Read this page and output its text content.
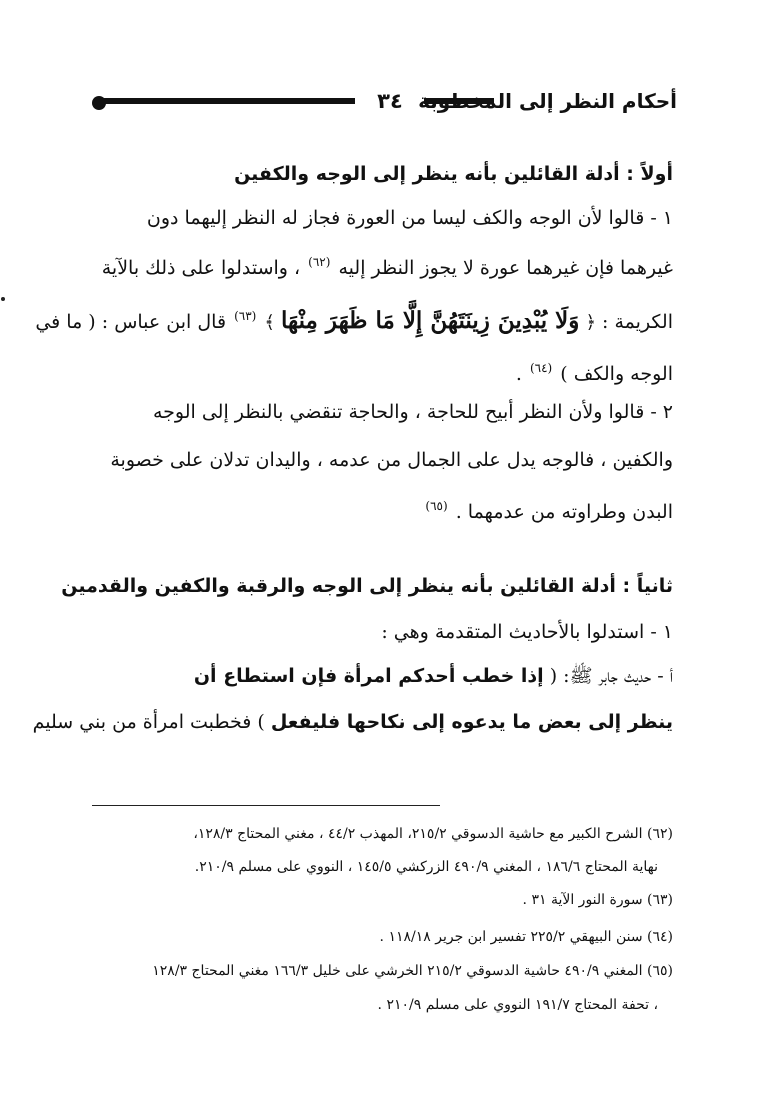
٣٤ أحكام النظر إلى المخطوبة
أولاً : أدلة القائلين بأنه ينظر إلى الوجه والكفين
١ - قالوا لأن الوجه والكف ليسا من العورة فجاز له النظر إليهما دون
غيرهما فإن غيرهما عورة لا يجوز النظر إليه $^{(٦٢)}$ ، واستدلوا على ذلك بالآية
الكريمة : ﴿ وَلَا يُبْدِينَ زِينَتَهُنَّ إِلَّا مَا ظَهَرَ مِنْهَا ﴾ $^{(٦٣)}$ قال ابن عباس : ( ما في
الوجه والكف ) $^{(٦٤)}$ .
٢ - قالوا ولأن النظر أبيح للحاجة ، والحاجة تنقضي بالنظر إلى الوجه
والكفين ، فالوجه يدل على الجمال من عدمه ، واليدان تدلان على خصوبة
البدن وطراوته من عدمهما . $^{(٦٥)}$
ثانياً : أدلة القائلين بأنه ينظر إلى الوجه والرقبة والكفين والقدمين
١ - استدلوا بالأحاديث المتقدمة وهي :
أ - حديث جابر ﷺ: ( إذا خطب أحدكم امرأة فإن استطاع أن
ينظر إلى بعض ما يدعوه إلى نكاحها فليفعل ) فخطبت امرأة من بني سليم
(٦٢) الشرح الكبير مع حاشية الدسوقي ٢١٥/٢، المهذب ٤٤/٢ ، مغني المحتاج ١٢٨/٣،
نهاية المحتاج ١٨٦/٦ ، المغني ٤٩٠/٩ الزركشي ١٤٥/٥ ، النووي على مسلم ٢١٠/٩.
(٦٣) سورة النور الآية ٣١ .
(٦٤) سنن البيهقي ٢٢٥/٢ تفسير ابن جرير ١١٨/١٨ .
(٦٥) المغني ٤٩٠/٩ حاشية الدسوقي ٢١٥/٢ الخرشي على خليل ١٦٦/٣ مغني المحتاج ١٢٨/٣
، تحفة المحتاج ١٩١/٧ النووي على مسلم ٢١٠/٩ .
